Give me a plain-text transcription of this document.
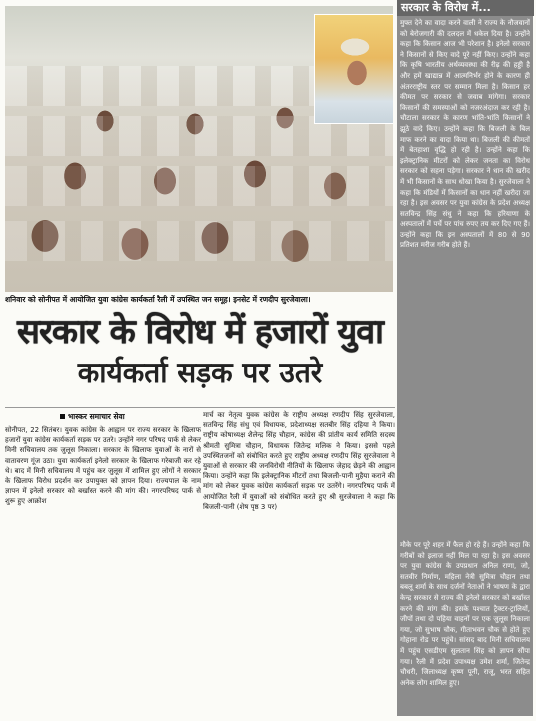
शनिवार को सोनीपत में आयोजित युवा कांग्रेस कार्यकर्ता रैली में उपस्थित जन समूह। इनसेट में रणदीप सुरजेवाला।
सरकार के विरोध में हजारों युवा
कार्यकर्ता सड़क पर उतरे
भास्कर समाचार सेवा
सोनीपत, 22 सितंबर। युवक कांग्रेस के आह्वान पर राज्य सरकार के खिलाफ हजारों युवा कांग्रेस कार्यकर्ता सड़क पर उतरे। उन्होंने नगर परिषद पार्क से लेकर मिनी सचिवालय तक जुलूस निकाला। सरकार के खिलाफ युवाओं के नारों से वातावरण गूंज उठा। युवा कार्यकर्ता इनेलो सरकार के खिलाफ गरेबाजी कर रहे थे। बाद में मिनी सचिवालय में पहुंच कर जुलूस में शामिल हुए लोगों ने सरकार के खिलाफ विरोध प्रदर्शन कर उपायुक्त को ज्ञापन दिया। राज्यपाल के नाम ज्ञापन में इनेलो सरकार को बर्खास्त करने की मांग की। नगरपरिषद पार्क से शुरू हुए आक्रोश
मार्च का नेतृत्व युवक कांग्रेस के राष्ट्रीय अध्यक्ष रणदीप सिंह सुरजेवाला, सतविन्द्र सिंह संधु एवं विधायक, प्रदेशाध्यक्ष सतबीर सिंह दहिया ने किया। राष्ट्रीय कोषाध्यक्ष शैलेन्द्र सिंह चौहान, कांग्रेस की प्रांतीय कार्य समिति सदस्य श्रीमती सुमित्रा चौहान, विधायक जितेन्द्र मलिक ने किया। इससे पहले उपस्थितजनों को संबोधित करते हुए राष्ट्रीय अध्यक्ष रणदीप सिंह सुरजेवाला ने युवाओं से सरकार की जनविरोधी नीतियों के खिलाफ जेहाद छेड़ने की आह्वान किया। उन्होंने कहा कि इलेक्ट्रानिक मीटरों तथा बिजली-पानी मुहैया कराने की मांग को लेकर युवक कांग्रेस कार्यकर्ता सड़क पर उतरेंगे। नगरपरिषद पार्क में आयोजित रैली में युवाओं को संबोधित करते हुए श्री सुरजेवाला ने कहा कि बिजली-पानी (शेष पृष्ठ 3 पर)
सरकार के विरोध में...
मुफ्त देने का वादा करने वाली ने राज्य के नौजवानों को बेरोजगारी की दलदल में धकेल दिया है। उन्होंने कहा कि किसान आज भी परेशान है। इनेलो सरकार ने किसानों से किए वादे पूरे नहीं किए। उन्होंने कहा कि कृषि भारतीय अर्थव्यवस्था की रीढ़ की हड्डी है और हमें खाद्यान्न में आत्मनिर्भर होने के कारण ही अंतरराष्ट्रीय स्तर पर सम्मान मिला है। किसान हर कीमत पर सरकार से जवाब मांगेगा। सरकार किसानों की समस्याओं को नजरअंदाज कर रही है। चौटाला सरकार के कारण भांति-भांति किसानों ने झूठे वादे किए। उन्होंने कहा कि बिजली के बिल माफ करने का वादा किया था। बिजली की कीमतों में बेतहाशा वृद्धि हो रही है। उन्होंने कहा कि इलेक्ट्रानिक मीटरों को लेकर जनता का विरोध सरकार को सहना पड़ेगा। सरकार ने धान की खरीद में भी किसानों के साथ धोखा किया है। सुरजेवाला ने कहा कि मंडियों में किसानों का धान नहीं खरीदा जा रहा है। इस अवसर पर युवा कांग्रेस के प्रदेश अध्यक्ष सतविन्द्र सिंह संधु ने कहा कि हरियाणा के अस्पतालों में पर्चे पर पांच रुपए तय कर दिए गए हैं। उन्होंने कहा कि इन अस्पतालों में 80 से 90 प्रतिशत मरीज गरीब होते हैं।
मौके पर पूरे शहर में फैल हो रहे हैं। उन्होंने कहा कि गरीबों को इलाज नहीं मिल पा रहा है। इस अवसर पर युवा कांग्रेस के उपप्रधान अनिल राणा, जो, सतवीर निर्माण, महिला नेत्री सुमित्रा चौहान तथा बबलू शर्मा के साथ दर्जनों नेताओं ने भाषण के द्वारा केन्द्र सरकार से राज्य की इनेलो सरकार को बर्खास्त करने की मांग की। इसके पश्चात ट्रैक्टर-ट्रालियों, जीपों तथा दो पहिया वाहनों पर एक जुलूस निकाला गया, जो सुभाष चौक, गीताभवन चौक से होते हुए गोहाना रोड पर पहुंचे। सांसद बाद मिनी सचिवालय में पहुंच एसडीएम सुलतान सिंह को ज्ञापन सौंपा गया। रैली में प्रदेश उपाध्यक्ष उमेश शर्मा, जितेन्द्र चौधरी, जिलाध्यक्ष कृष्ण पूनी, राजू, भरत सहित अनेक लोग शामिल हुए।
